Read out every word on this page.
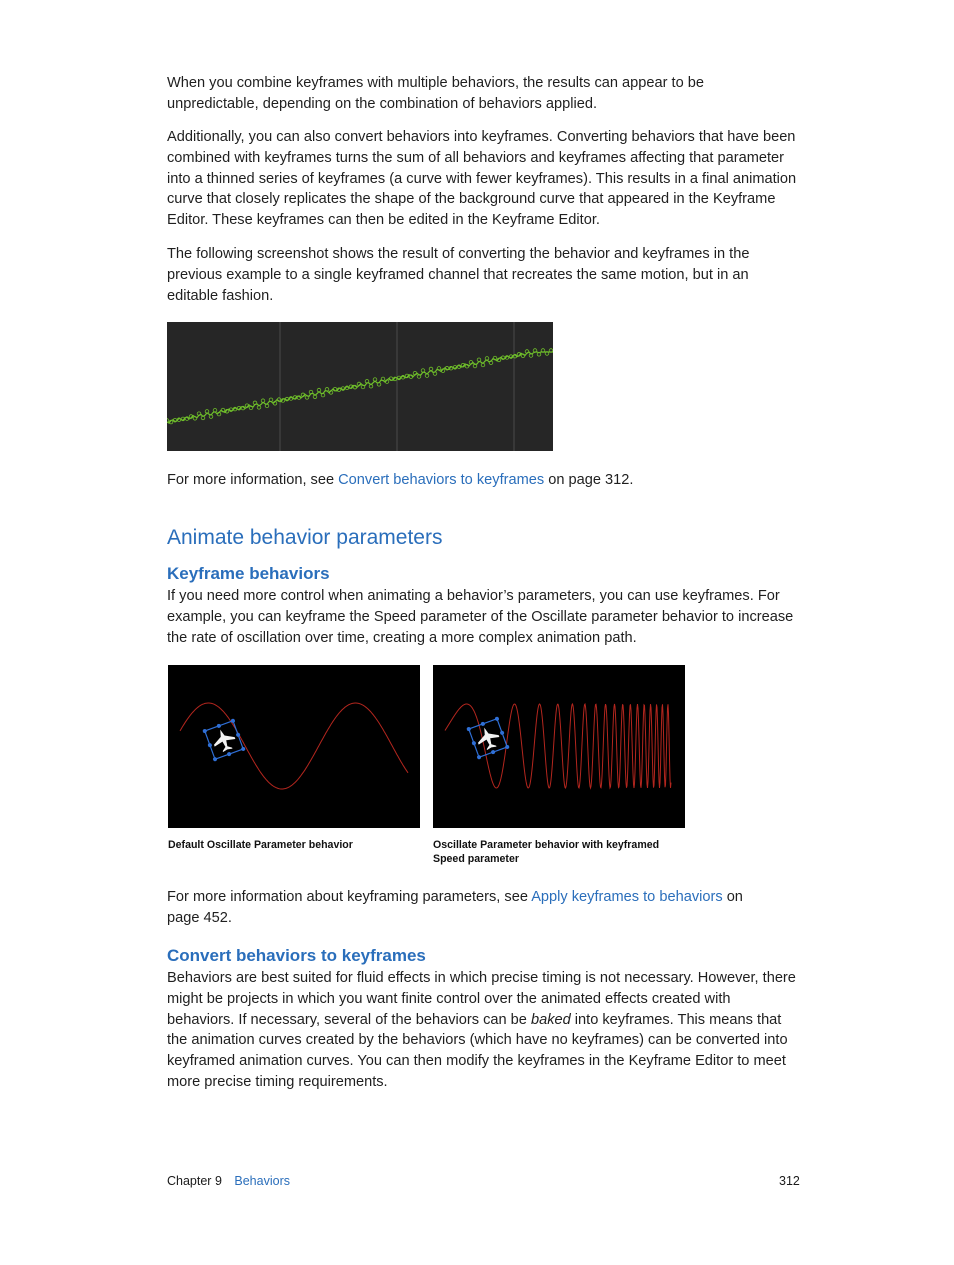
When you combine keyframes with multiple behaviors, the results can appear to be unpredictable, depending on the combination of behaviors applied.

Additionally, you can also convert behaviors into keyframes. Converting behaviors that have been combined with keyframes turns the sum of all behaviors and keyframes affecting that parameter into a thinned series of keyframes (a curve with fewer keyframes). This results in a final animation curve that closely replicates the shape of the background curve that appeared in the Keyframe Editor. These keyframes can then be edited in the Keyframe Editor.

The following screenshot shows the result of converting the behavior and keyframes in the previous example to a single keyframed channel that recreates the same motion, but in an editable fashion.

For more information, see Convert behaviors to keyframes on page 312.

Animate behavior parameters
Keyframe behaviors

If you need more control when animating a behavior’s parameters, you can use keyframes. For example, you can keyframe the Speed parameter of the Oscillate parameter behavior to increase the rate of oscillation over time, creating a more complex animation path.

Default Oscillate Parameter behavior	Oscillate Parameter behavior with keyframed Speed parameter

For more information about keyframing parameters, see Apply keyframes to behaviors on page 452.

Convert behaviors to keyframes

Behaviors are best suited for fluid effects in which precise timing is not necessary. However, there might be projects in which you want finite control over the animated effects created with behaviors. If necessary, several of the behaviors can be baked into keyframes. This means that the animation curves created by the behaviors (which have no keyframes) can be converted into keyframed animation curves. You can then modify the keyframes in the Keyframe Editor to meet more precise timing requirements.

Chapter 9 Behaviors	312
